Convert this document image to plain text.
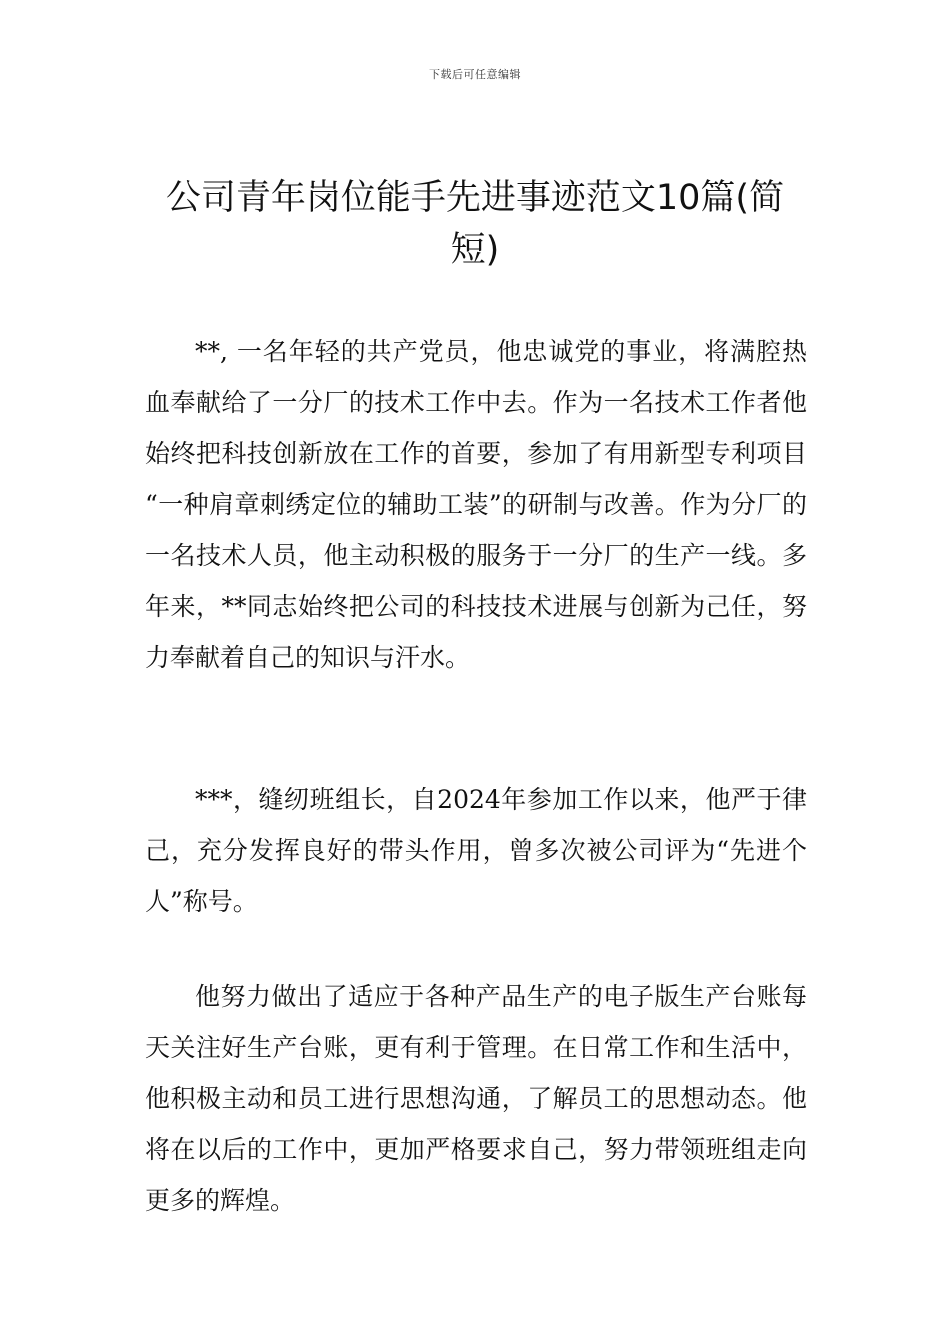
下载后可任意编辑
公司青年岗位能手先进事迹范文10篇(简短)

**, 一名年轻的共产党员，他忠诚党的事业，将满腔热血奉献给了一分厂的技术工作中去。作为一名技术工作者他始终把科技创新放在工作的首要，参加了有用新型专利项目 “一种肩章刺绣定位的辅助工装”的研制与改善。作为分厂的一名技术人员，他主动积极的服务于一分厂的生产一线。多年来，**同志始终把公司的科技技术进展与创新为己任，努力奉献着自己的知识与汗水。

***，缝纫班组长，自2024年参加工作以来，他严于律己，充分发挥良好的带头作用，曾多次被公司评为“先进个人”称号。

他努力做出了适应于各种产品生产的电子版生产台账每天关注好生产台账，更有利于管理。在日常工作和生活中，他积极主动和员工进行思想沟通，了解员工的思想动态。他将在以后的工作中，更加严格要求自己，努力带领班组走向更多的辉煌。
